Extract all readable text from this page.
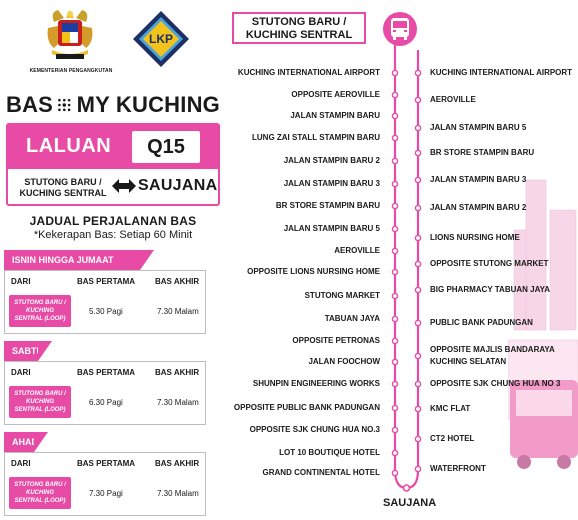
KEMENTERIAN PENGANGKUTAN
LKP
BAS MY KUCHING
LALUAN	Q15
STUTONG BARU /
KUCHING SENTRAL SAUJANA
JADUAL PERJALANAN BAS
*Kekerapan Bas: Setiap 60 Minit
ISNIN HINGGA JUMAAT
DARI	BAS PERTAMA BAS AKHIR
STUTONG BARU /
KUCHING
SENTRAL (LOOP)
5.30 Pagi	7.30 Malam
SABTU
DARI	BAS PERTAMA BAS AKHIR
STUTONG BARU /
KUCHING
SENTRAL (LOOP)
6.30 Pagi	7.30 Malam
AHAD
DARI	BAS PERTAMA BAS AKHIR
STUTONG BARU /
KUCHING
SENTRAL (LOOP)
7.30 Pagi	7.30 Malam
STUTONG BARU /
KUCHING SENTRAL
KUCHING INTERNATIONAL AIRPORT
OPPOSITE AEROVILLE
JALAN STAMPIN BARU
LUNG ZAI STALL STAMPIN BARU
JALAN STAMPIN BARU 2
JALAN STAMPIN BARU 3
BR STORE STAMPIN BARU
JALAN STAMPIN BARU 5
AEROVILLE
OPPOSITE LIONS NURSING HOME
STUTONG MARKET
TABUAN JAYA
OPPOSITE PETRONAS
JALAN FOOCHOW
SHUNPIN ENGINEERING WORKS
OPPOSITE PUBLIC BANK PADUNGAN
OPPOSITE SJK CHUNG HUA NO.3
LOT 10 BOUTIQUE HOTEL
GRAND CONTINENTAL HOTEL
KUCHING INTERNATIONAL AIRPORT
AEROVILLE
JALAN STAMPIN BARU 5
BR STORE STAMPIN BARU
JALAN STAMPIN BARU 3
JALAN STAMPIN BARU 2
LIONS NURSING HOME
OPPOSITE STUTONG MARKET
BIG PHARMACY TABUAN JAYA
PUBLIC BANK PADUNGAN
OPPOSITE MAJLIS BANDARAYA
KUCHING SELATAN
OPPOSITE SJK CHUNG HUA NO 3
KMC FLAT
CT2 HOTEL
WATERFRONT
SAUJANA
